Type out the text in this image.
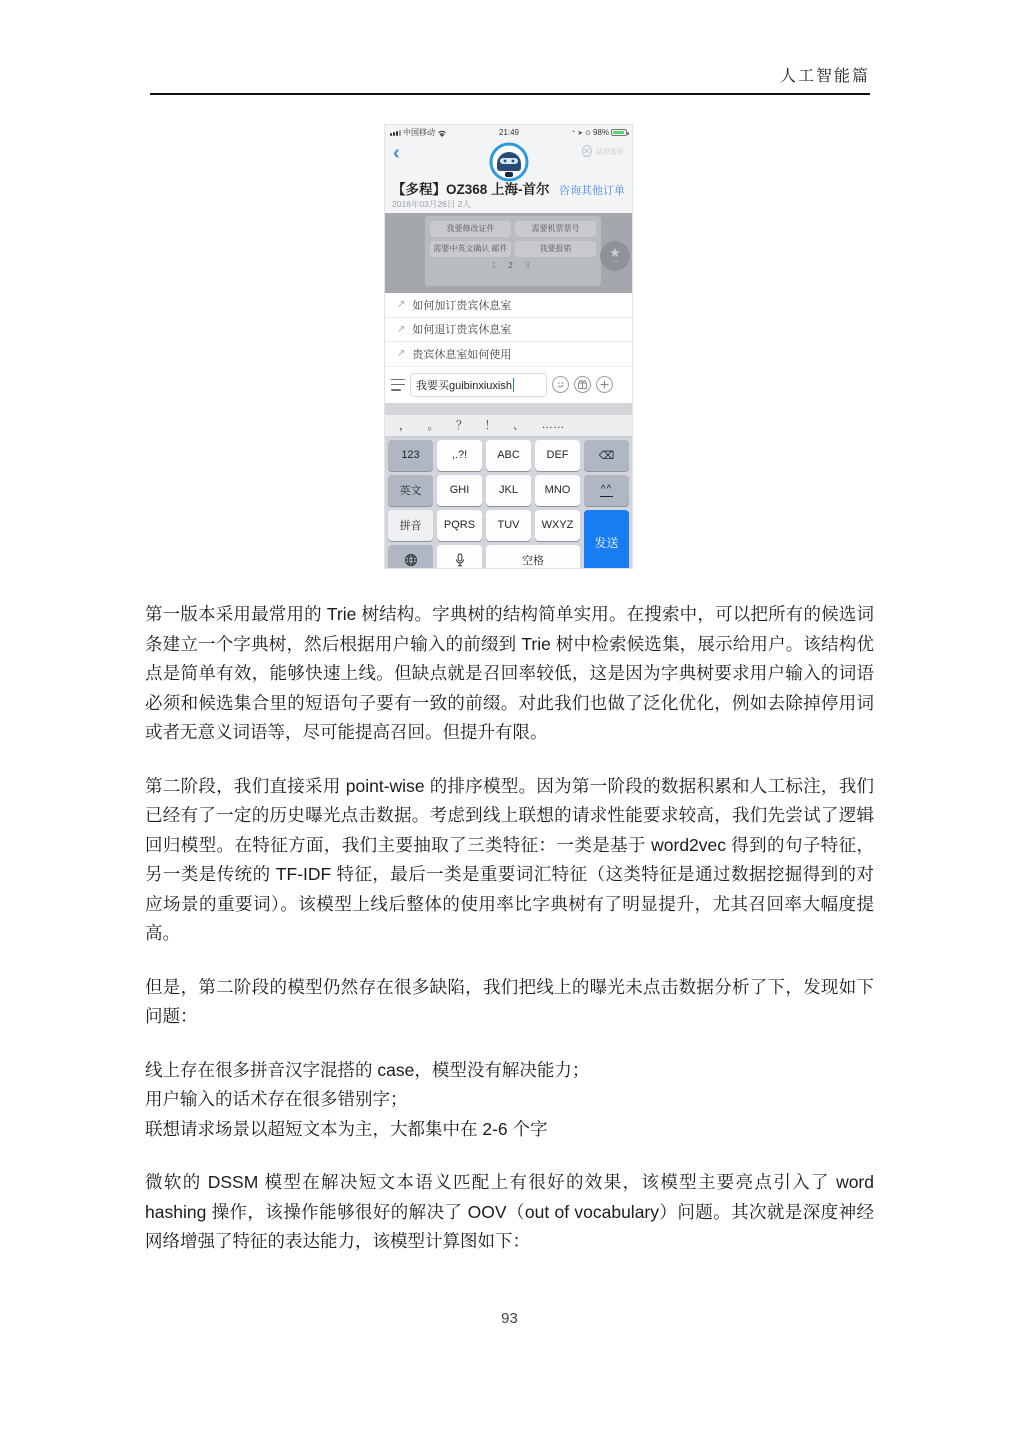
人工智能篇
中国移动	21:49	◔ ➤ ⊙ 98%
‹	✕ 结束服务
【多程】OZ368 上海-首尔 咨询其他订单
2018年03月26日 2人
我要修改证件	需要机票票号
需要中英文确认 邮件	我要报销
1 2 3
★
•••
↗ 如何加订贵宾休息室
↗ 如何退订贵宾休息室
↗ 贵宾休息室如何使用
我要买guibinxiuxish
， 。 ？ ！ 、 ……
123	,.?!	ABC	DEF	⌫
英文	GHI	JKL	MNO	^^
拼音	PQRS	TUV	WXYZ
发送
空格

第一版本采用最常用的 Trie 树结构。字典树的结构简单实用。在搜索中，可以把所有的候选词条建立一个字典树，然后根据用户输入的前缀到 Trie 树中检索候选集，展示给用户。该结构优点是简单有效，能够快速上线。但缺点就是召回率较低，这是因为字典树要求用户输入的词语必须和候选集合里的短语句子要有一致的前缀。对此我们也做了泛化优化，例如去除掉停用词或者无意义词语等，尽可能提高召回。但提升有限。

第二阶段，我们直接采用 point-wise 的排序模型。因为第一阶段的数据积累和人工标注，我们已经有了一定的历史曝光点击数据。考虑到线上联想的请求性能要求较高，我们先尝试了逻辑回归模型。在特征方面，我们主要抽取了三类特征：一类是基于 word2vec 得到的句子特征，另一类是传统的 TF-IDF 特征，最后一类是重要词汇特征（这类特征是通过数据挖掘得到的对应场景的重要词）。该模型上线后整体的使用率比字典树有了明显提升，尤其召回率大幅度提高。

但是，第二阶段的模型仍然存在很多缺陷，我们把线上的曝光未点击数据分析了下，发现如下问题：

线上存在很多拼音汉字混搭的 case，模型没有解决能力；
用户输入的话术存在很多错别字；
联想请求场景以超短文本为主，大都集中在 2-6 个字

微软的 DSSM 模型在解决短文本语义匹配上有很好的效果，该模型主要亮点引入了 word hashing 操作，该操作能够很好的解决了 OOV（out of vocabulary）问题。其次就是深度神经网络增强了特征的表达能力，该模型计算图如下：

93
